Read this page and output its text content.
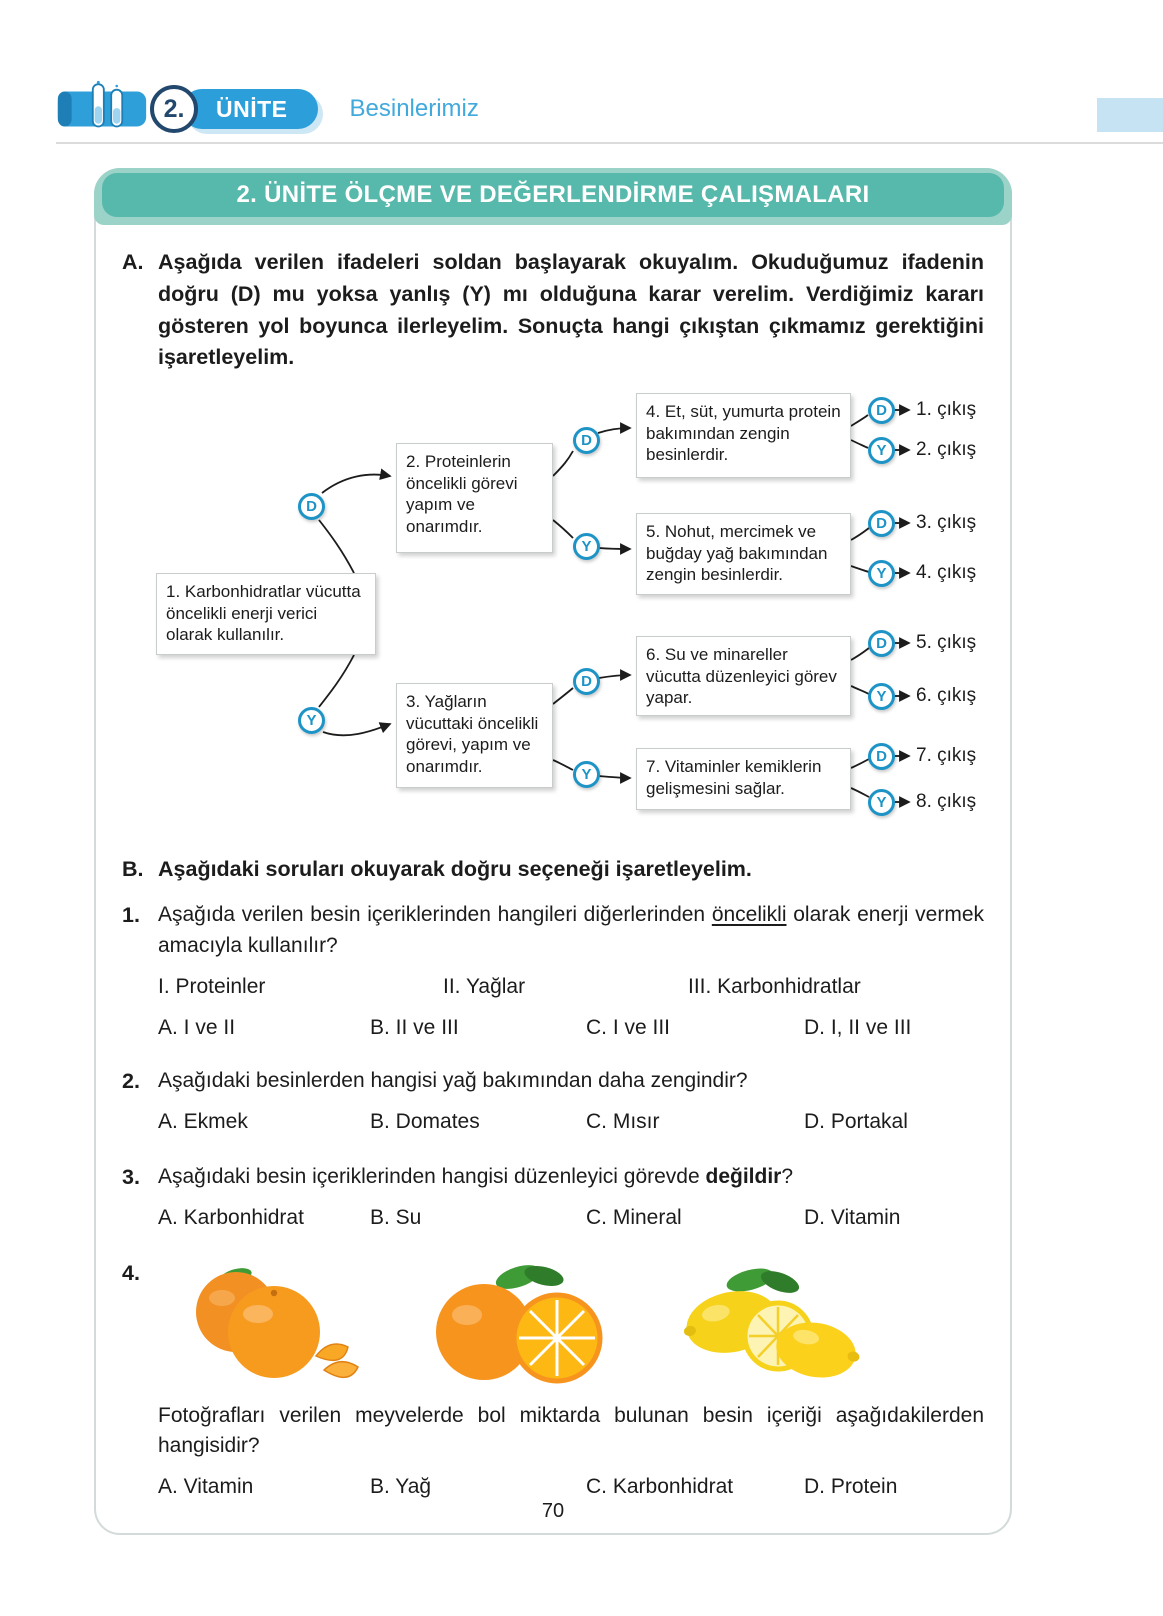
2. ÜNİTE	Besinlerimiz
2. ÜNİTE ÖLÇME VE DEĞERLENDİRME ÇALIŞMALARI
A. Aşağıda verilen ifadeleri soldan başlayarak okuyalım. Okuduğumuz ifadenin doğru (D) mu yoksa yanlış (Y) mı olduğuna karar verelim. Verdiğimiz kararı gösteren yol boyunca ilerleyelim. Sonuçta hangi çıkıştan çıkmamız gerektiğini işaretleyelim.
1. Karbonhidratlar vücutta öncelikli enerji verici olarak kullanılır.
2. Proteinlerin öncelikli görevi yapım ve onarımdır.
3. Yağların vücuttaki öncelikli görevi, yapım ve onarımdır.
4. Et, süt, yumurta protein bakımından zengin besinlerdir.
5. Nohut, mercimek ve buğday yağ bakımından zengin besinlerdir.
6. Su ve minareller vücutta düzenleyici görev yapar.
7. Vitaminler kemiklerin gelişmesini sağlar.
D
Y
D
Y
D
Y
D
Y
D
Y
D
Y
D
Y
1. çıkış
2. çıkış
3. çıkış
4. çıkış
5. çıkış
6. çıkış
7. çıkış
8. çıkış
B. Aşağıdaki soruları okuyarak doğru seçeneği işaretleyelim.
1. Aşağıda verilen besin içeriklerinden hangileri diğerlerinden öncelikli olarak enerji vermek amacıyla kullanılır?

I. Proteinler	II. Yağlar	III. Karbonhidratlar
A. I ve II	B. II ve III	C. I ve III	D. I, II ve III
2. Aşağıdaki besinlerden hangisi yağ bakımından daha zengindir?

A. Ekmek	B. Domates	C. Mısır	D. Portakal
3. Aşağıdaki besin içeriklerinden hangisi düzenleyici görevde değildir?

A. Karbonhidrat	B. Su	C. Mineral	D. Vitamin
4.

Fotoğrafları verilen meyvelerde bol miktarda bulunan besin içeriği aşağıdakilerden hangisidir?

A. Vitamin	B. Yağ	C. Karbonhidrat	D. Protein
70
